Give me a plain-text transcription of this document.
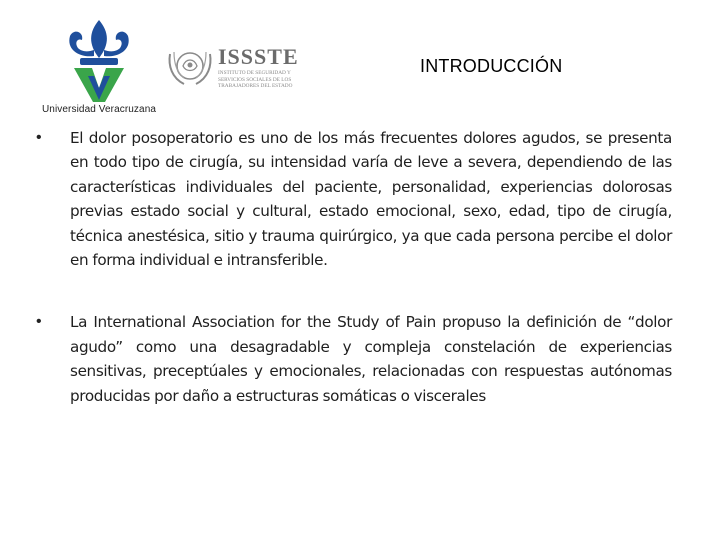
Universidad Veracruzana
ISSSTE
INSTITUTO DE SEGURIDAD Y SERVICIOS SOCIALES DE LOS TRABAJADORES DEL ESTADO
INTRODUCCIÓN
• El dolor posoperatorio es uno de los más frecuentes dolores agudos, se presenta en todo tipo de cirugía, su intensidad varía de leve a severa, dependiendo de las características individuales del paciente, personalidad, experiencias dolorosas previas estado social y cultural, estado emocional, sexo, edad, tipo de cirugía, técnica anestésica, sitio y trauma quirúrgico, ya que cada persona percibe el dolor en forma individual e intransferible.
• La International Association for the Study of Pain propuso la definición de “dolor agudo” como una desagradable y compleja constelación de experiencias sensitivas, preceptúales y emocionales, relacionadas con respuestas autónomas producidas por daño a estructuras somáticas o viscerales
